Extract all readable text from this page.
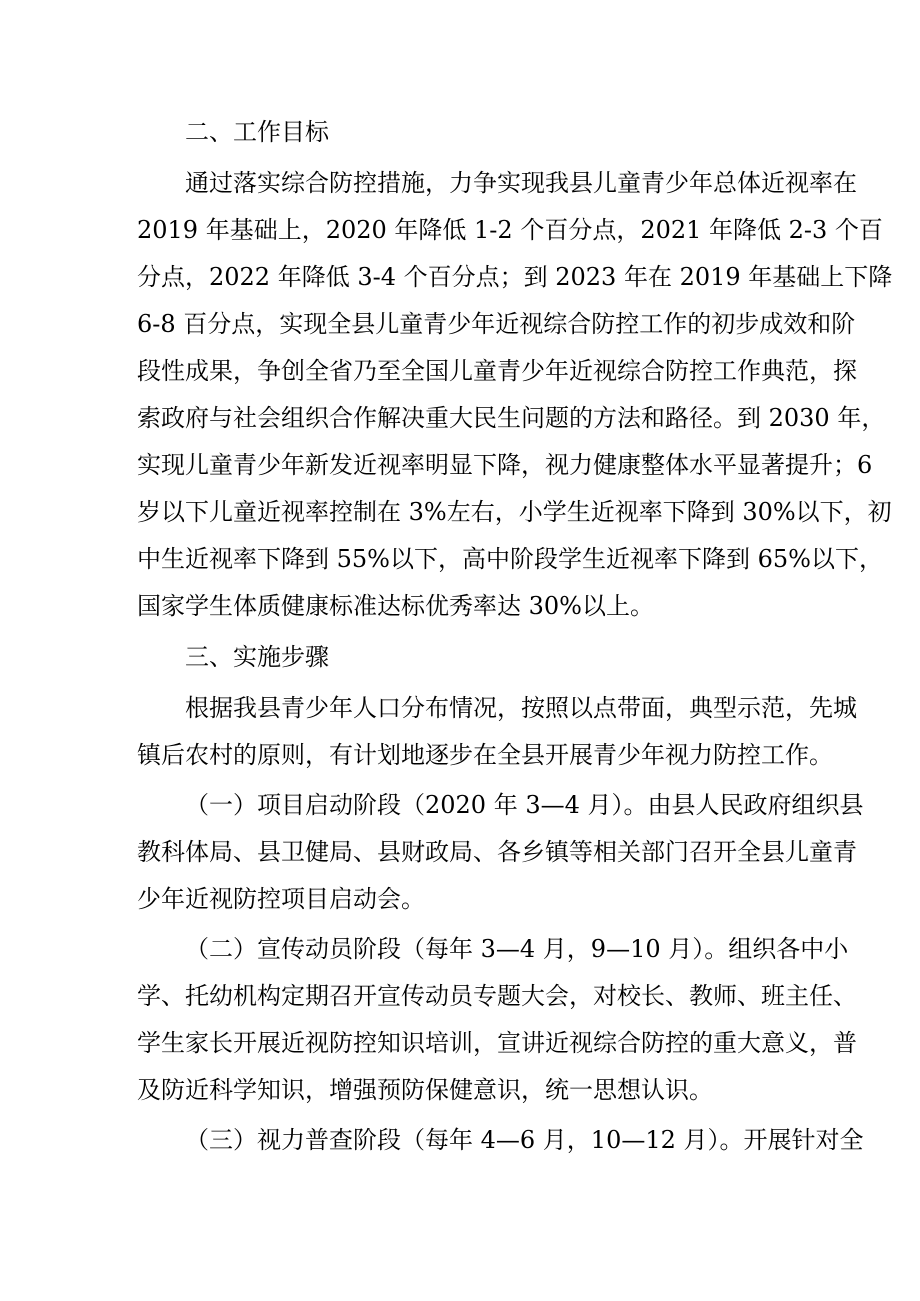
二、工作目标

通过落实综合防控措施，力争实现我县儿童青少年总体近视率在

2019 年基础上，2020 年降低 1-2 个百分点，2021 年降低 2-3 个百

分点，2022 年降低 3-4 个百分点；到 2023 年在 2019 年基础上下降

6-8 百分点，实现全县儿童青少年近视综合防控工作的初步成效和阶

段性成果，争创全省乃至全国儿童青少年近视综合防控工作典范，探

索政府与社会组织合作解决重大民生问题的方法和路径。到 2030 年，

实现儿童青少年新发近视率明显下降，视力健康整体水平显著提升；6

岁以下儿童近视率控制在 3%左右，小学生近视率下降到 30%以下，初

中生近视率下降到 55%以下，高中阶段学生近视率下降到 65%以下，

国家学生体质健康标准达标优秀率达 30%以上。

三、实施步骤

根据我县青少年人口分布情况，按照以点带面，典型示范，先城

镇后农村的原则，有计划地逐步在全县开展青少年视力防控工作。

（一）项目启动阶段（2020 年 3—4 月）。由县人民政府组织县

教科体局、县卫健局、县财政局、各乡镇等相关部门召开全县儿童青

少年近视防控项目启动会。

（二）宣传动员阶段（每年 3—4 月，9—10 月）。组织各中小

学、托幼机构定期召开宣传动员专题大会，对校长、教师、班主任、

学生家长开展近视防控知识培训，宣讲近视综合防控的重大意义，普

及防近科学知识，增强预防保健意识，统一思想认识。

（三）视力普查阶段（每年 4—6 月，10—12 月）。开展针对全
